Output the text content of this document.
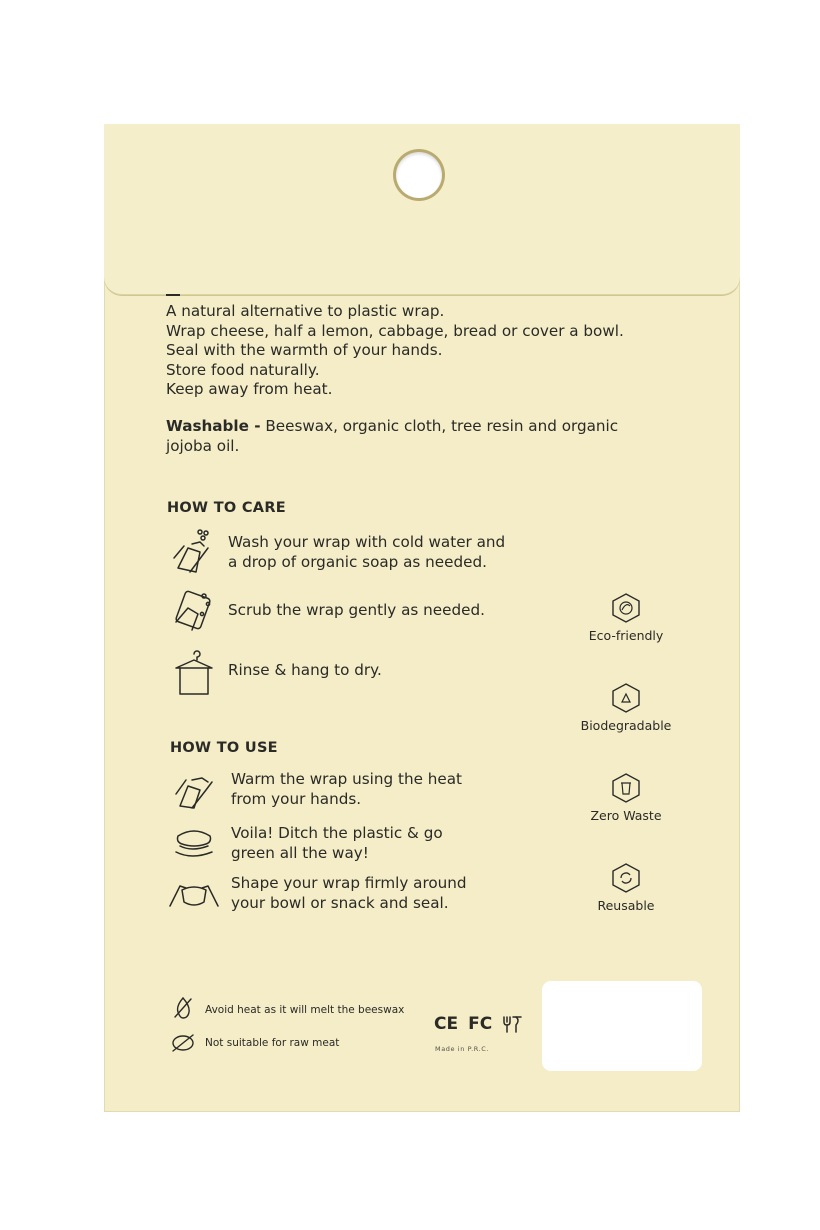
A natural alternative to plastic wrap.
Wrap cheese, half a lemon, cabbage, bread or cover a bowl.
Seal with the warmth of your hands.
Store food naturally.
Keep away from heat.
Washable - Beeswax, organic cloth, tree resin and organic jojoba oil.
HOW TO CARE
Wash your wrap with cold water and
a drop of organic soap as needed.
Scrub the wrap gently as needed.
Rinse & hang to dry.
HOW TO USE
Warm the wrap using the heat
from your hands.
Voila! Ditch the plastic & go
green all the way!
Shape your wrap firmly around
your bowl or snack and seal.
Eco-friendly
Biodegradable
Zero Waste
Reusable
Avoid heat as it will melt the beeswax
Not suitable for raw meat
CE FC
Made in P.R.C.
